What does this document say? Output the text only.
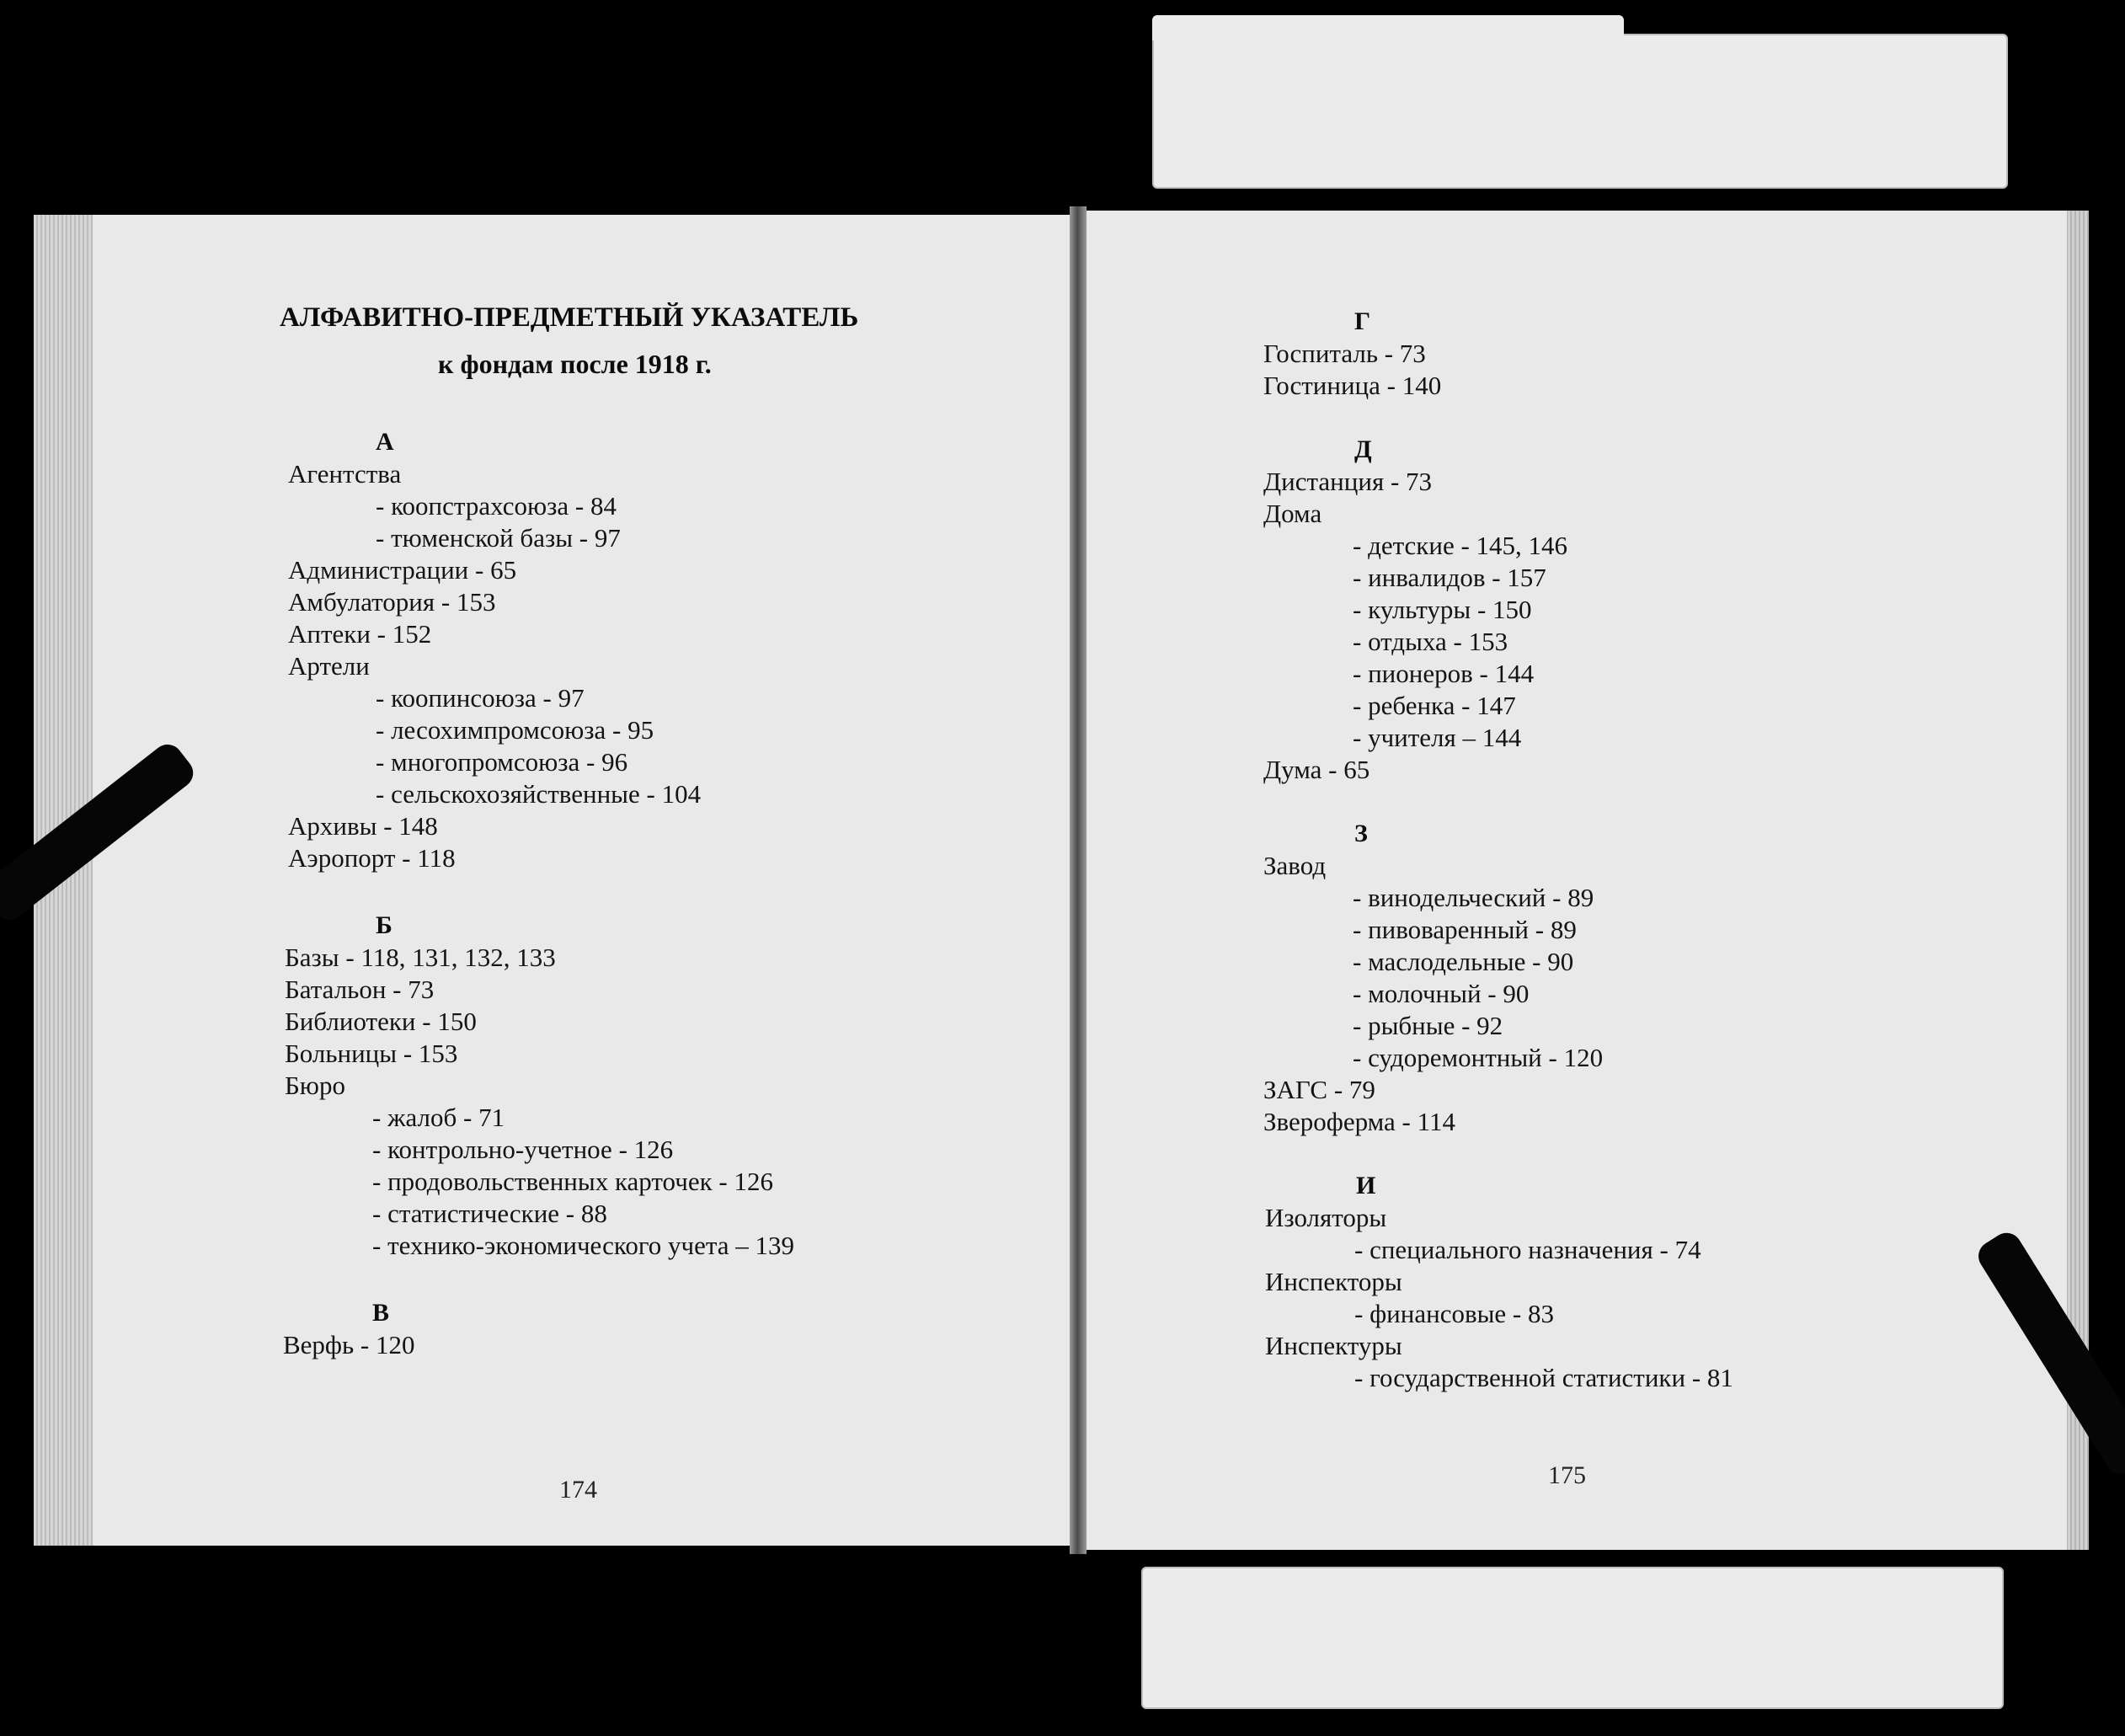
АЛФАВИТНО-ПРЕДМЕТНЫЙ УКАЗАТЕЛЬ
к фондам после 1918 г.
А
Агентства
- коопстрахсоюза - 84
- тюменской базы - 97
Администрации - 65
Амбулатория - 153
Аптеки - 152
Артели
- коопинсоюза - 97
- лесохимпромсоюза - 95
- многопромсоюза - 96
- сельскохозяйственные - 104
Архивы - 148
Аэропорт - 118
Б
Базы - 118, 131, 132, 133
Батальон - 73
Библиотеки - 150
Больницы - 153
Бюро
- жалоб - 71
- контрольно-учетное - 126
- продовольственных карточек - 126
- статистические - 88
- технико-экономического учета – 139
В
Верфь - 120
174
Г
Госпиталь - 73
Гостиница - 140
Д
Дистанция - 73
Дома
- детские - 145, 146
- инвалидов - 157
- культуры - 150
- отдыха - 153
- пионеров - 144
- ребенка - 147
- учителя – 144
Дума - 65
З
Завод
- винодельческий - 89
- пивоваренный - 89
- маслодельные - 90
- молочный - 90
- рыбные - 92
- судоремонтный - 120
ЗАГС - 79
Звероферма - 114
И
Изоляторы
- специального назначения - 74
Инспекторы
- финансовые - 83
Инспектуры
- государственной статистики - 81
175
